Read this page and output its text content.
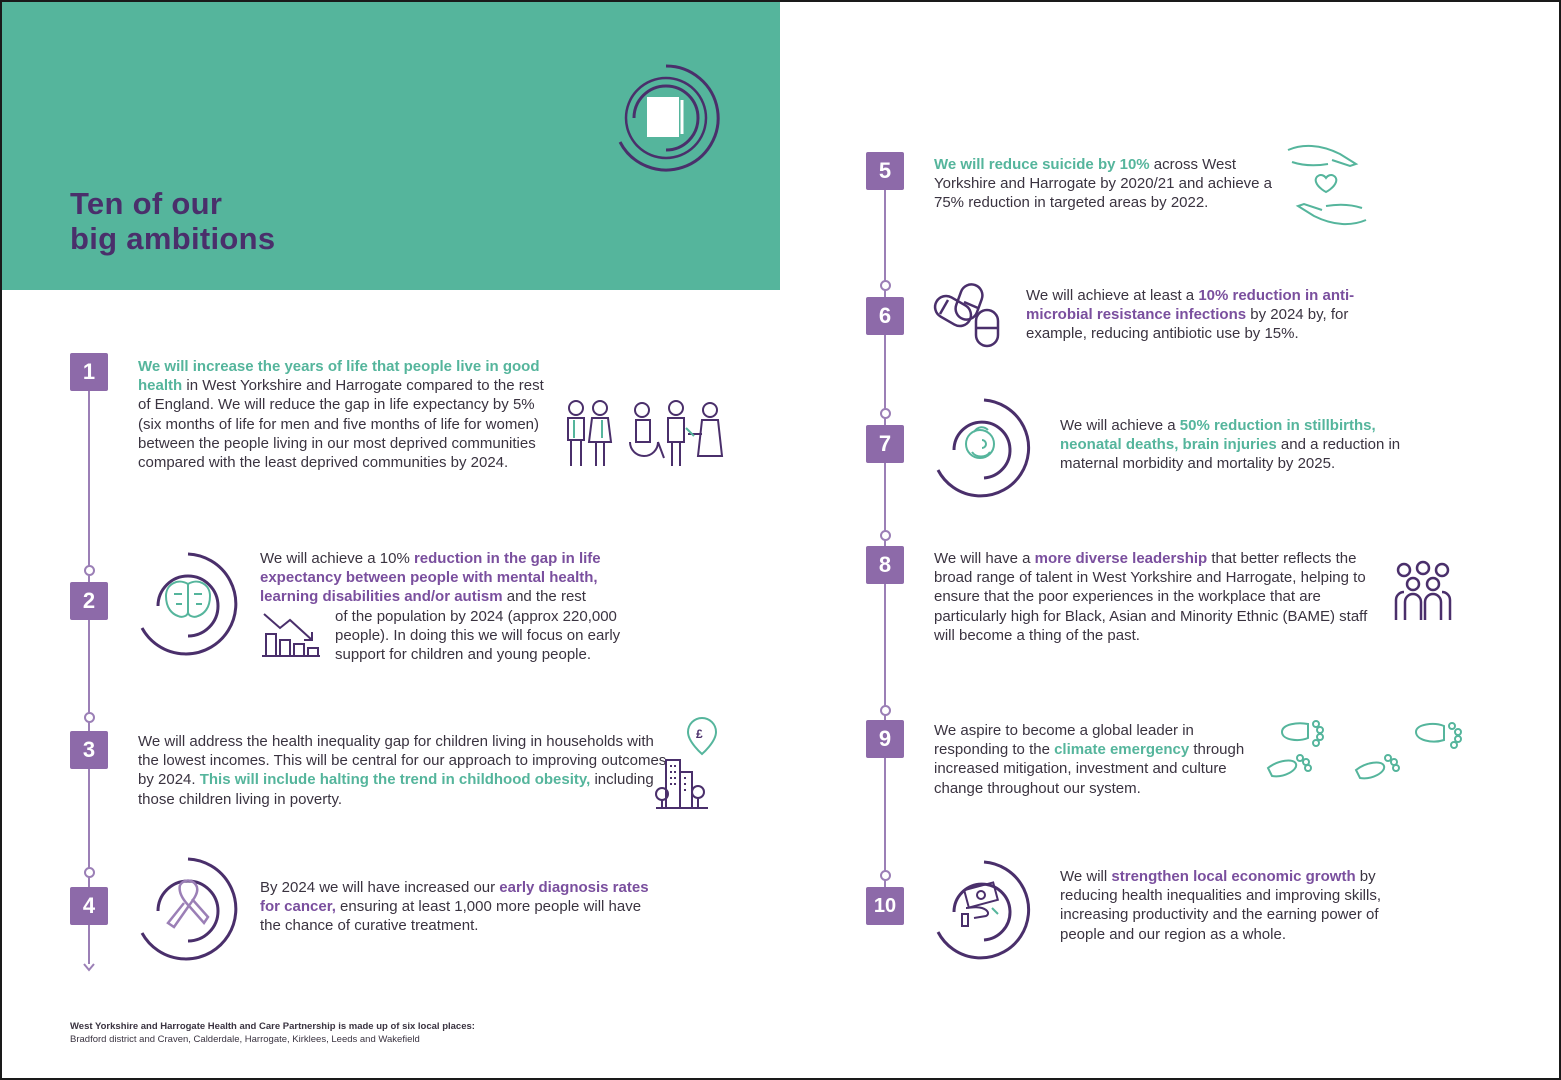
Ten of our
big ambitions
1
2
3
4
5
6
7
8
9
10
We will increase the years of life that people live in good health in West Yorkshire and Harrogate compared to the rest of England. We will reduce the gap in life expectancy by 5% (six months of life for men and five months of life for women) between the people living in our most deprived communities compared with the least deprived communities by 2024.
We will achieve a 10% reduction in the gap in life expectancy between people with mental health, learning disabilities and/or autism and the rest
of the population by 2024 (approx 220,000 people). In doing this we will focus on early support for children and young people.
We will address the health inequality gap for children living in households with the lowest incomes. This will be central for our approach to improving outcomes by 2024. This will include halting the trend in childhood obesity, including those children living in poverty.
By 2024 we will have increased our early diagnosis rates for cancer, ensuring at least 1,000 more people will have the chance of curative treatment.
We will reduce suicide by 10% across West Yorkshire and Harrogate by 2020/21 and achieve a 75% reduction in targeted areas by 2022.
We will achieve at least a 10% reduction in anti-microbial resistance infections by 2024 by, for example, reducing antibiotic use by 15%.
We will achieve a 50% reduction in stillbirths, neonatal deaths, brain injuries and a reduction in maternal morbidity and mortality by 2025.
We will have a more diverse leadership that better reflects the broad range of talent in West Yorkshire and Harrogate, helping to ensure that the poor experiences in the workplace that are particularly high for Black, Asian and Minority Ethnic (BAME) staff will become a thing of the past.
We aspire to become a global leader in responding to the climate emergency through increased mitigation, investment and culture change throughout our system.
We will strengthen local economic growth by reducing health inequalities and improving skills, increasing productivity and the earning power of people and our region as a whole.
£
West Yorkshire and Harrogate Health and Care Partnership is made up of six local places:
Bradford district and Craven, Calderdale, Harrogate, Kirklees, Leeds and Wakefield
